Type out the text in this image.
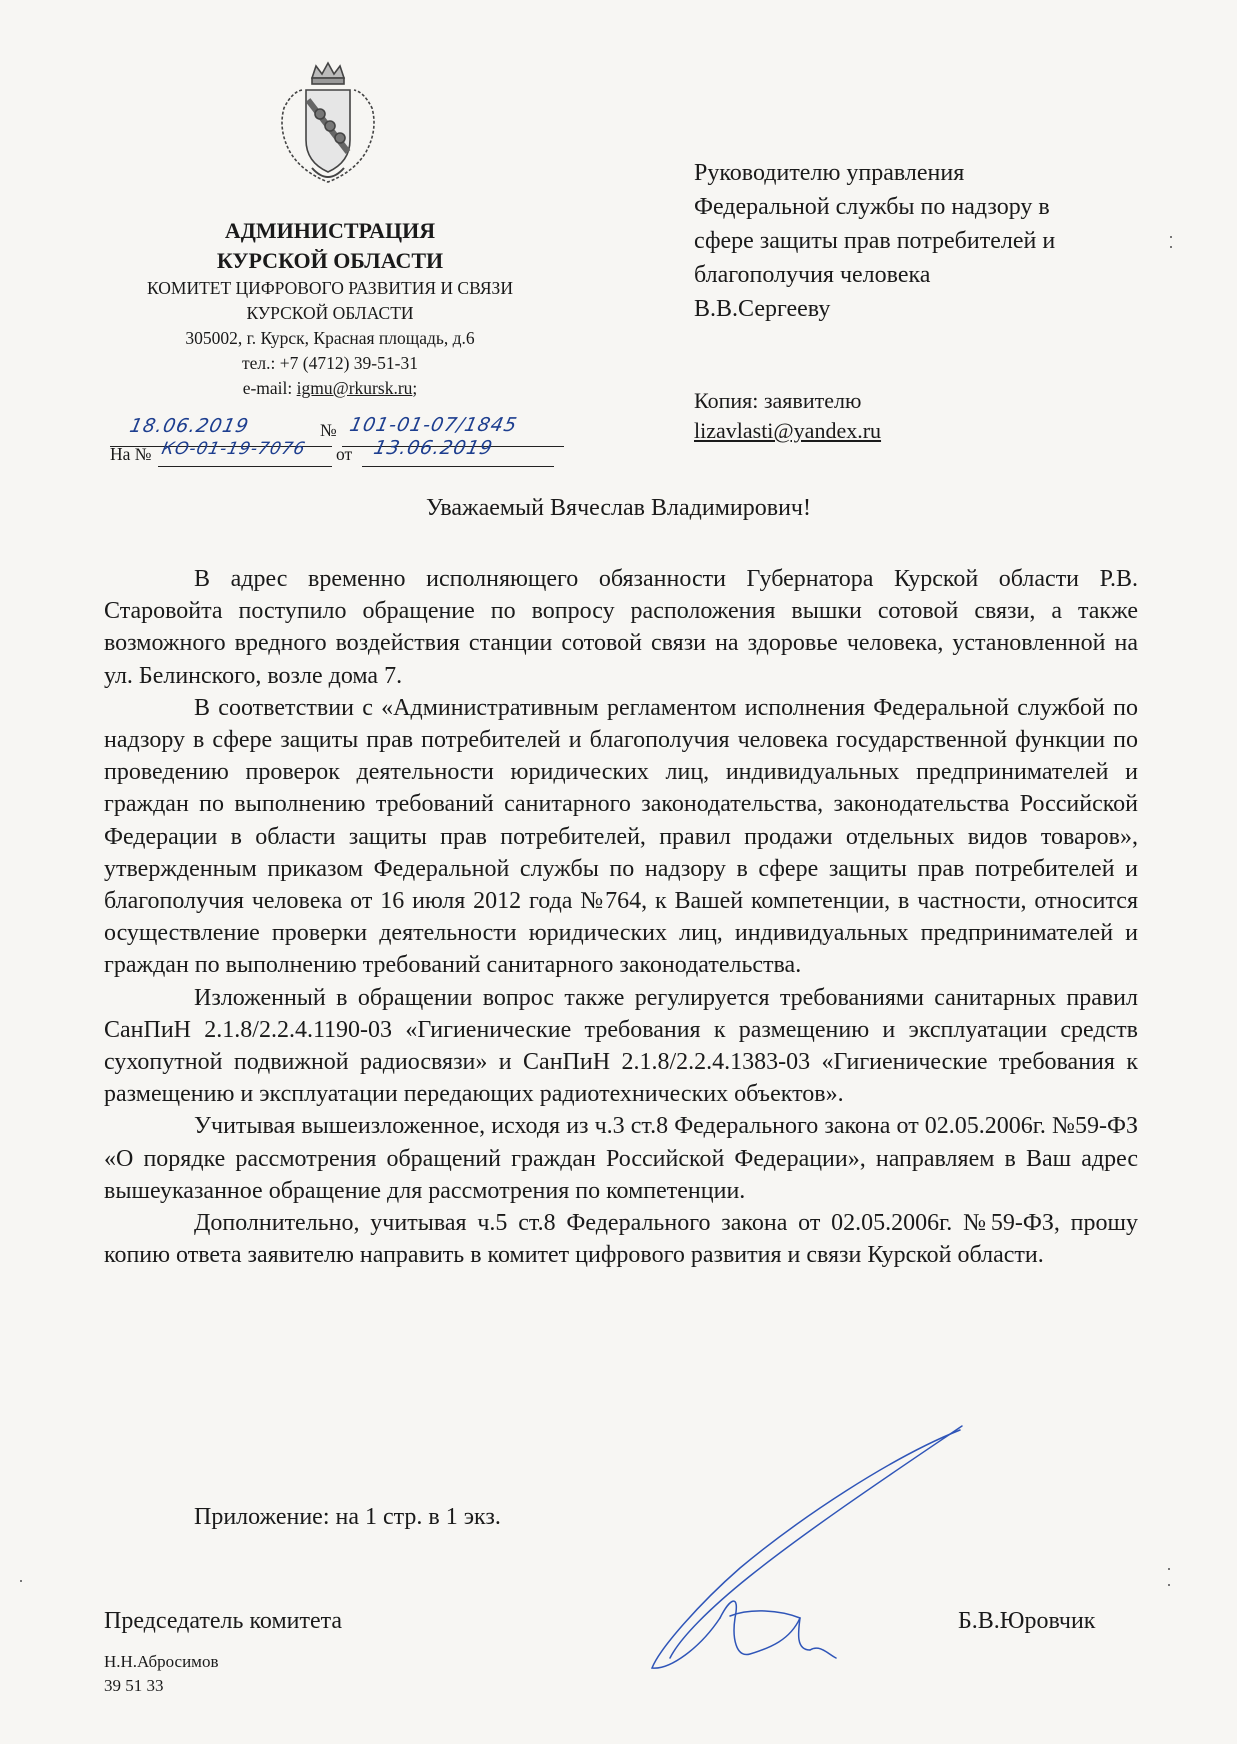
АДМИНИСТРАЦИЯ
КУРСКОЙ ОБЛАСТИ
КОМИТЕТ ЦИФРОВОГО РАЗВИТИЯ И СВЯЗИ
КУРСКОЙ ОБЛАСТИ
305002, г. Курск, Красная площадь, д.6
тел.: +7 (4712) 39-51-31
e-mail: igmu@rkursk.ru;
18.06.2019	№ 101-01-07/1845
На № КО-01-19-7076 от 13.06.2019
Руководителю управления
Федеральной службы по надзору в
сфере защиты прав потребителей и
благополучия человека
В.В.Сергееву
Копия: заявителю
lizavlasti@yandex.ru
Уважаемый Вячеслав Владимирович!

В адрес временно исполняющего обязанности Губернатора Курской области Р.В. Старовойта поступило обращение по вопросу расположения вышки сотовой связи, а также возможного вредного воздействия станции сотовой связи на здоровье человека, установленной на ул. Белинского, возле дома 7.

В соответствии с «Административным регламентом исполнения Федеральной службой по надзору в сфере защиты прав потребителей и благополучия человека государственной функции по проведению проверок деятельности юридических лиц, индивидуальных предпринимателей и граждан по выполнению требований санитарного законодательства, законодательства Российской Федерации в области защиты прав потребителей, правил продажи отдельных видов товаров», утвержденным приказом Федеральной службы по надзору в сфере защиты прав потребителей и благополучия человека от 16 июля 2012 года №764, к Вашей компетенции, в частности, относится осуществление проверки деятельности юридических лиц, индивидуальных предпринимателей и граждан по выполнению требований санитарного законодательства.

Изложенный в обращении вопрос также регулируется требованиями санитарных правил СанПиН 2.1.8/2.2.4.1190-03 «Гигиенические требования к размещению и эксплуатации средств сухопутной подвижной радиосвязи» и СанПиН 2.1.8/2.2.4.1383-03 «Гигиенические требования к размещению и эксплуатации передающих радиотехнических объектов».

Учитывая вышеизложенное, исходя из ч.3 ст.8 Федерального закона от 02.05.2006г. №59-ФЗ «О порядке рассмотрения обращений граждан Российской Федерации», направляем в Ваш адрес вышеуказанное обращение для рассмотрения по компетенции.

Дополнительно, учитывая ч.5 ст.8 Федерального закона от 02.05.2006г. №59-ФЗ, прошу копию ответа заявителю направить в комитет цифрового развития и связи Курской области.

Приложение: на 1 стр. в 1 экз.
Председатель комитета	Б.В.Юровчик
Н.Н.Абросимов
39 51 33
